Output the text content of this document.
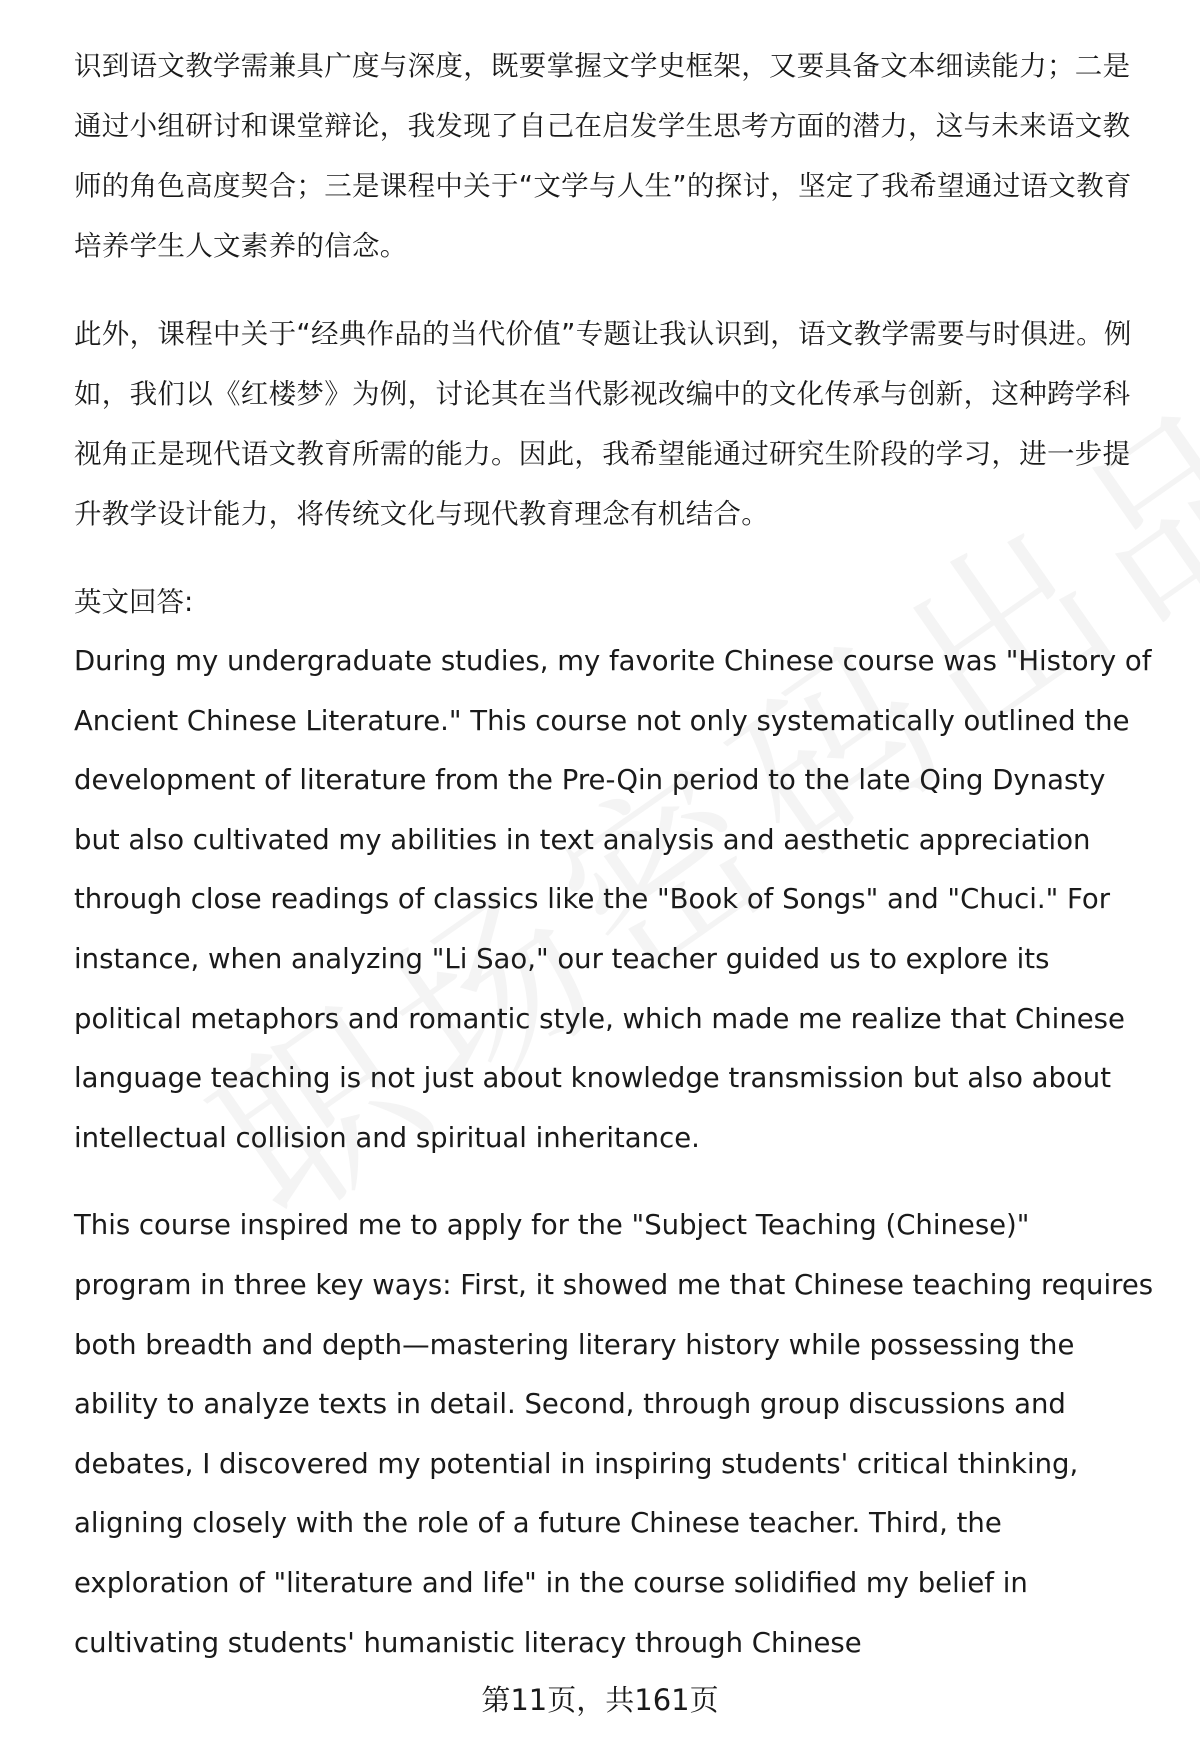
识到语文教学需兼具广度与深度，既要掌握文学史框架，又要具备文本细读能力；二是通过小组研讨和课堂辩论，我发现了自己在启发学生思考方面的潜力，这与未来语文教师的角色高度契合；三是课程中关于“文学与人生”的探讨，坚定了我希望通过语文教育培养学生人文素养的信念。

此外，课程中关于“经典作品的当代价值”专题让我认识到，语文教学需要与时俱进。例如，我们以《红楼梦》为例，讨论其在当代影视改编中的文化传承与创新，这种跨学科视角正是现代语文教育所需的能力。因此，我希望能通过研究生阶段的学习，进一步提升教学设计能力，将传统文化与现代教育理念有机结合。

英文回答:

During my undergraduate studies, my favorite Chinese course was "History of Ancient Chinese Literature." This course not only systematically outlined the development of literature from the Pre-Qin period to the late Qing Dynasty but also cultivated my abilities in text analysis and aesthetic appreciation through close readings of classics like the "Book of Songs" and "Chuci." For instance, when analyzing "Li Sao," our teacher guided us to explore its political metaphors and romantic style, which made me realize that Chinese language teaching is not just about knowledge transmission but also about intellectual collision and spiritual inheritance.

This course inspired me to apply for the "Subject Teaching (Chinese)" program in three key ways: First, it showed me that Chinese teaching requires both breadth and depth—mastering literary history while possessing the ability to analyze texts in detail. Second, through group discussions and debates, I discovered my potential in inspiring students' critical thinking, aligning closely with the role of a future Chinese teacher. Third, the exploration of "literature and life" in the course solidified my belief in cultivating students' humanistic literacy through Chinese

第11页，共161页
